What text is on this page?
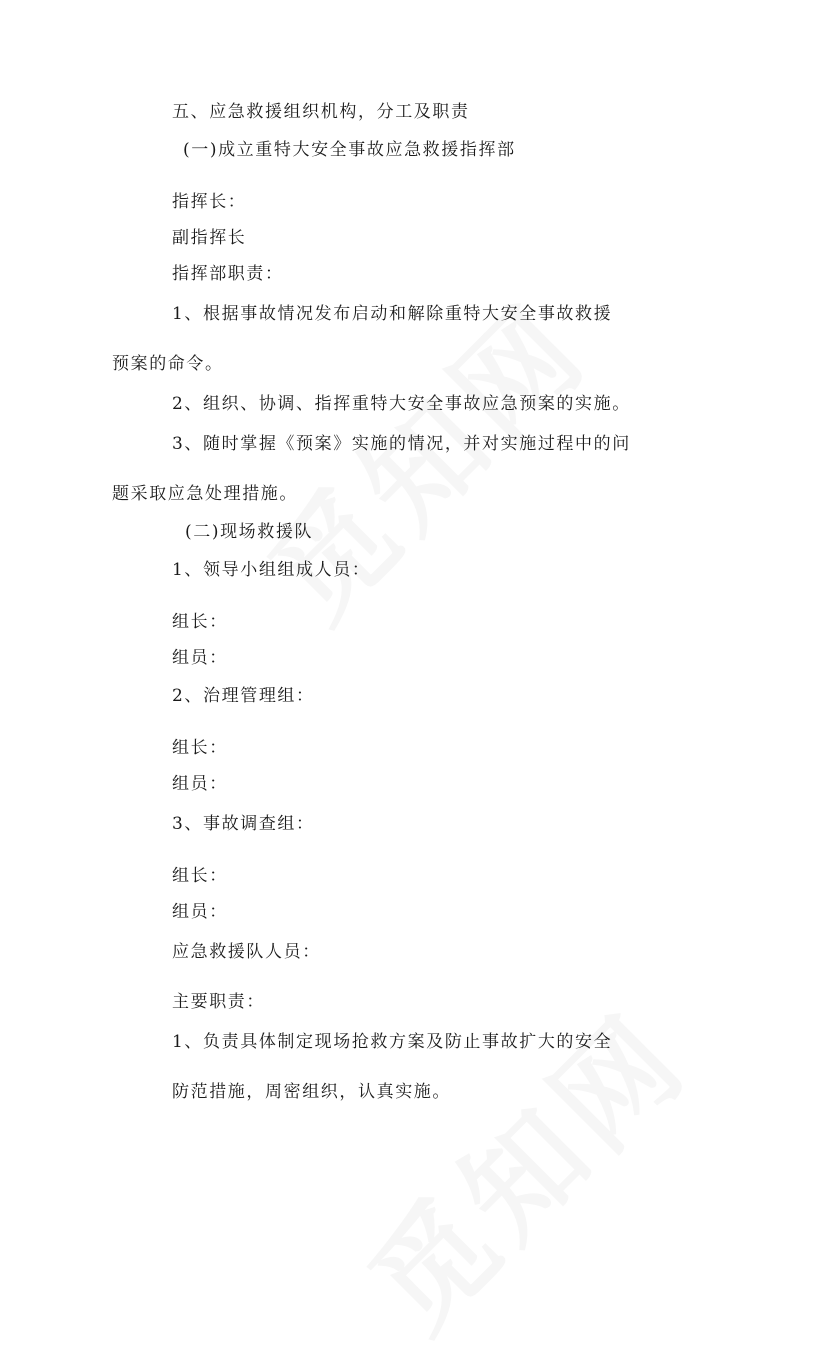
五、应急救援组织机构，分工及职责

(一)成立重特大安全事故应急救援指挥部

指挥长：

副指挥长

指挥部职责：

1、根据事故情况发布启动和解除重特大安全事故救援

预案的命令。

2、组织、协调、指挥重特大安全事故应急预案的实施。

3、随时掌握《预案》实施的情况，并对实施过程中的问

题采取应急处理措施。

(二)现场救援队

1、领导小组组成人员：

组长：

组员：

2、治理管理组：

组长：

组员：

3、事故调查组：

组长：

组员：

应急救援队人员：

主要职责：

1、负责具体制定现场抢救方案及防止事故扩大的安全

防范措施，周密组织，认真实施。
